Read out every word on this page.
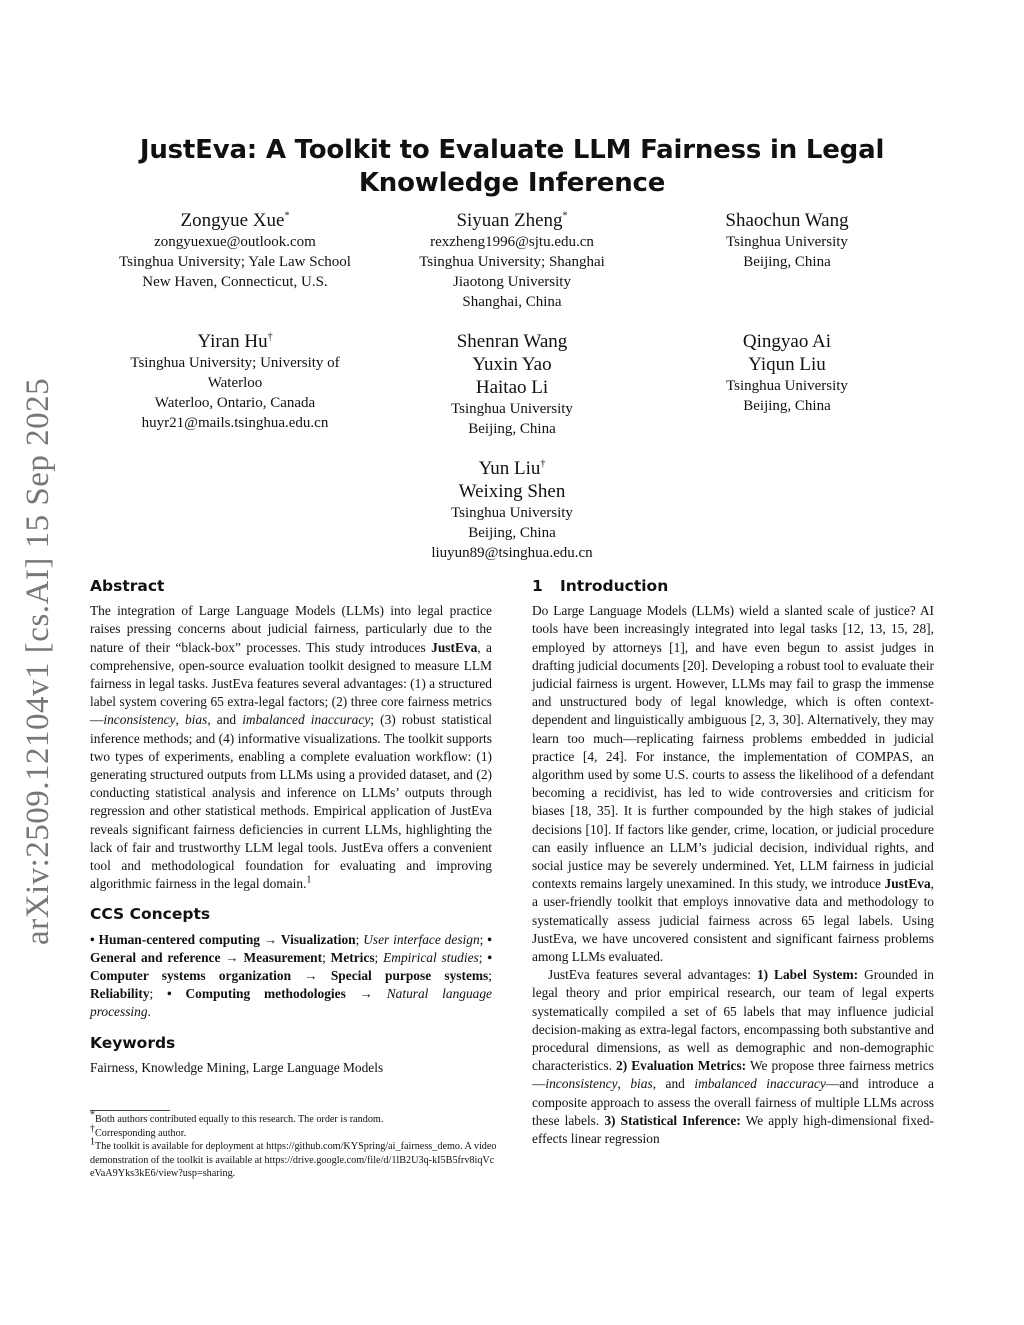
arXiv:2509.12104v1 [cs.AI] 15 Sep 2025
JustEva: A Toolkit to Evaluate LLM Fairness in Legal Knowledge Inference
Zongyue Xue*
zongyuexue@outlook.com
Tsinghua University; Yale Law School
New Haven, Connecticut, U.S.
Siyuan Zheng*
rexzheng1996@sjtu.edu.cn
Tsinghua University; Shanghai
Jiaotong University
Shanghai, China
Shaochun Wang
Tsinghua University
Beijing, China
Yiran Hu†
Tsinghua University; University of
Waterloo
Waterloo, Ontario, Canada
huyr21@mails.tsinghua.edu.cn
Shenran Wang
Yuxin Yao
Haitao Li
Tsinghua University
Beijing, China
Qingyao Ai
Yiqun Liu
Tsinghua University
Beijing, China
Yun Liu†
Weixing Shen
Tsinghua University
Beijing, China
liuyun89@tsinghua.edu.cn
Abstract

The integration of Large Language Models (LLMs) into legal practice raises pressing concerns about judicial fairness, particularly due to the nature of their “black-box” processes. This study introduces JustEva, a comprehensive, open-source evaluation toolkit designed to measure LLM fairness in legal tasks. JustEva features several advantages: (1) a structured label system covering 65 extra-legal factors; (2) three core fairness metrics—inconsistency, bias, and imbalanced inaccuracy; (3) robust statistical inference methods; and (4) informative visualizations. The toolkit supports two types of experiments, enabling a complete evaluation workflow: (1) generating structured outputs from LLMs using a provided dataset, and (2) conducting statistical analysis and inference on LLMs’ outputs through regression and other statistical methods. Empirical application of JustEva reveals significant fairness deficiencies in current LLMs, highlighting the lack of fair and trustworthy LLM legal tools. JustEva offers a convenient tool and methodological foundation for evaluating and improving algorithmic fairness in the legal domain.$^1$

CCS Concepts

• Human-centered computing → Visualization; User interface design; • General and reference → Measurement; Metrics; Empirical studies; • Computer systems organization → Special purpose systems; Reliability; • Computing methodologies → Natural language processing.

Keywords

Fairness, Knowledge Mining, Large Language Models

*Both authors contributed equally to this research. The order is random.
†Corresponding author.
$^1$The toolkit is available for deployment at https://github.com/KYSpring/ai_fairness_demo. A video demonstration of the toolkit is available at https://drive.google.com/file/d/1lB2U3q-kI5B5frv8iqVceVaA9Yks3kE6/view?usp=sharing.
1 Introduction

Do Large Language Models (LLMs) wield a slanted scale of justice? AI tools have been increasingly integrated into legal tasks [12, 13, 15, 28], employed by attorneys [1], and have even begun to assist judges in drafting judicial documents [20]. Developing a robust tool to evaluate their judicial fairness is urgent. However, LLMs may fail to grasp the immense and unstructured body of legal knowledge, which is often context-dependent and linguistically ambiguous [2, 3, 30]. Alternatively, they may learn too much—replicating fairness problems embedded in judicial practice [4, 24]. For instance, the implementation of COMPAS, an algorithm used by some U.S. courts to assess the likelihood of a defendant becoming a recidivist, has led to wide controversies and criticism for biases [18, 35]. It is further compounded by the high stakes of judicial decisions [10]. If factors like gender, crime, location, or judicial procedure can easily influence an LLM’s judicial decision, individual rights, and social justice may be severely undermined. Yet, LLM fairness in judicial contexts remains largely unexamined. In this study, we introduce JustEva, a user-friendly toolkit that employs innovative data and methodology to systematically assess judicial fairness across 65 legal labels. Using JustEva, we have uncovered consistent and significant fairness problems among LLMs evaluated.

JustEva features several advantages: 1) Label System: Grounded in legal theory and prior empirical research, our team of legal experts systematically compiled a set of 65 labels that may influence judicial decision-making as extra-legal factors, encompassing both substantive and procedural dimensions, as well as demographic and non-demographic characteristics. 2) Evaluation Metrics: We propose three fairness metrics—inconsistency, bias, and imbalanced inaccuracy—and introduce a composite approach to assess the overall fairness of multiple LLMs across these labels. 3) Statistical Inference: We apply high-dimensional fixed-effects linear regression
